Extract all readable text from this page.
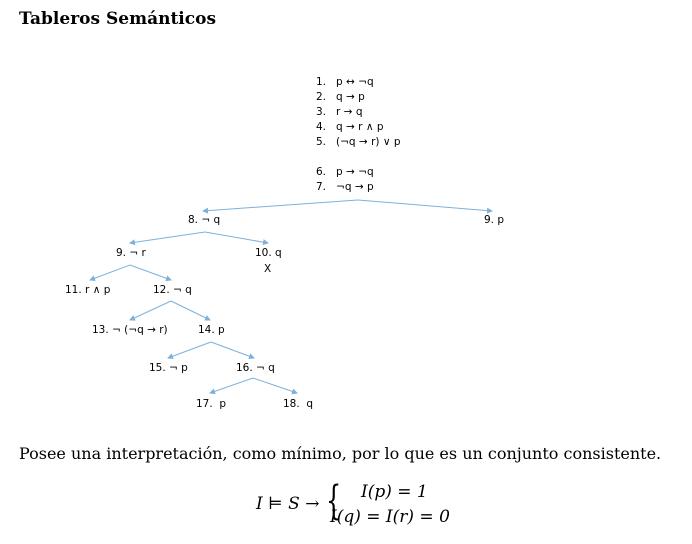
Tableros Semánticos
1.   p ↔ ¬q
2.   q → p
3.   r → q
4.   q → r ∧ p
5.   (¬q → r) ∨ p
6.   p → ¬q
7.   ¬q → p
8. ¬ q	9. p
9. ¬ r	10. q
X
11. r ∧ p	12. ¬ q
13. ¬ (¬q → r)	14. p
15. ¬ p	16. ¬ q
17.  p	18.  q
Posee una interpretación, como mínimo, por lo que es un conjunto consistente.
I ⊨ S → { I(p) = 1
I(q) = I(r) = 0
